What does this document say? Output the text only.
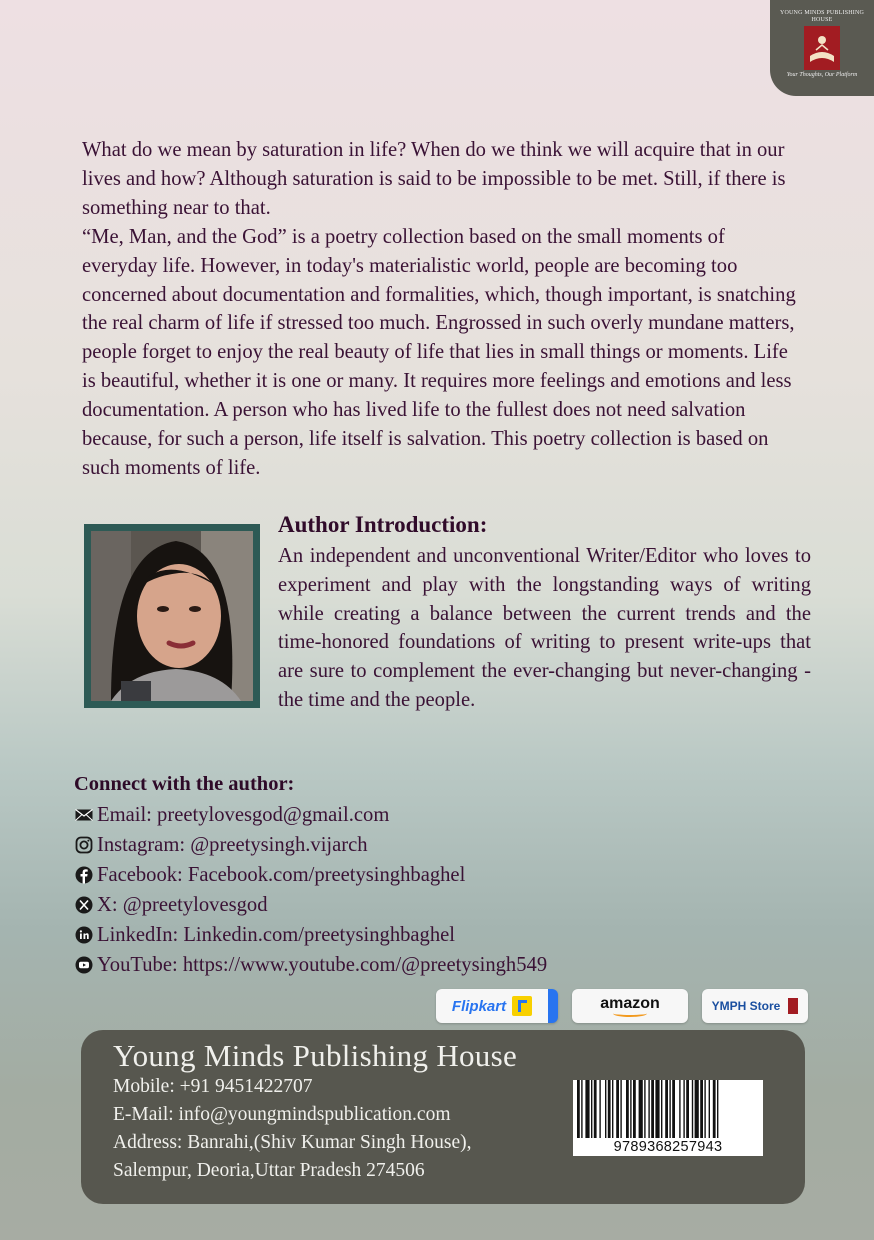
YOUNG MINDS PUBLISHING HOUSE
Your Thoughts, Our Platform

What do we mean by saturation in life? When do we think we will acquire that in our lives and how? Although saturation is said to be impossible to be met. Still, if there is something near to that.

“Me, Man, and the God” is a poetry collection based on the small moments of everyday life. However, in today's materialistic world, people are becoming too concerned about documentation and formalities, which, though important, is snatching the real charm of life if stressed too much. Engrossed in such overly mundane matters, people forget to enjoy the real beauty of life that lies in small things or moments. Life is beautiful, whether it is one or many. It requires more feelings and emotions and less documentation. A person who has lived life to the fullest does not need salvation because, for such a person, life itself is salvation. This poetry collection is based on such moments of life.

Author Introduction:

An independent and unconventional Writer/Editor who loves to experiment and play with the longstanding ways of writing while creating a balance between the current trends and the time-honored foundations of writing to present write-ups that are sure to complement the ever-changing but never-changing - the time and the people.

Connect with the author:
Email: preetylovesgod@gmail.com
Instagram: @preetysingh.vijarch
Facebook: Facebook.com/preetysinghbaghel
X: @preetylovesgod
LinkedIn: Linkedin.com/preetysinghbaghel
YouTube: https://www.youtube.com/@preetysingh549
Flipkart	amazon	YMPH Store
Young Minds Publishing House

Mobile: +91 9451422707

E-Mail: info@youngmindspublication.com

Address: Banrahi,(Shiv Kumar Singh House),

Salempur, Deoria,Uttar Pradesh 274506

9789368257943
